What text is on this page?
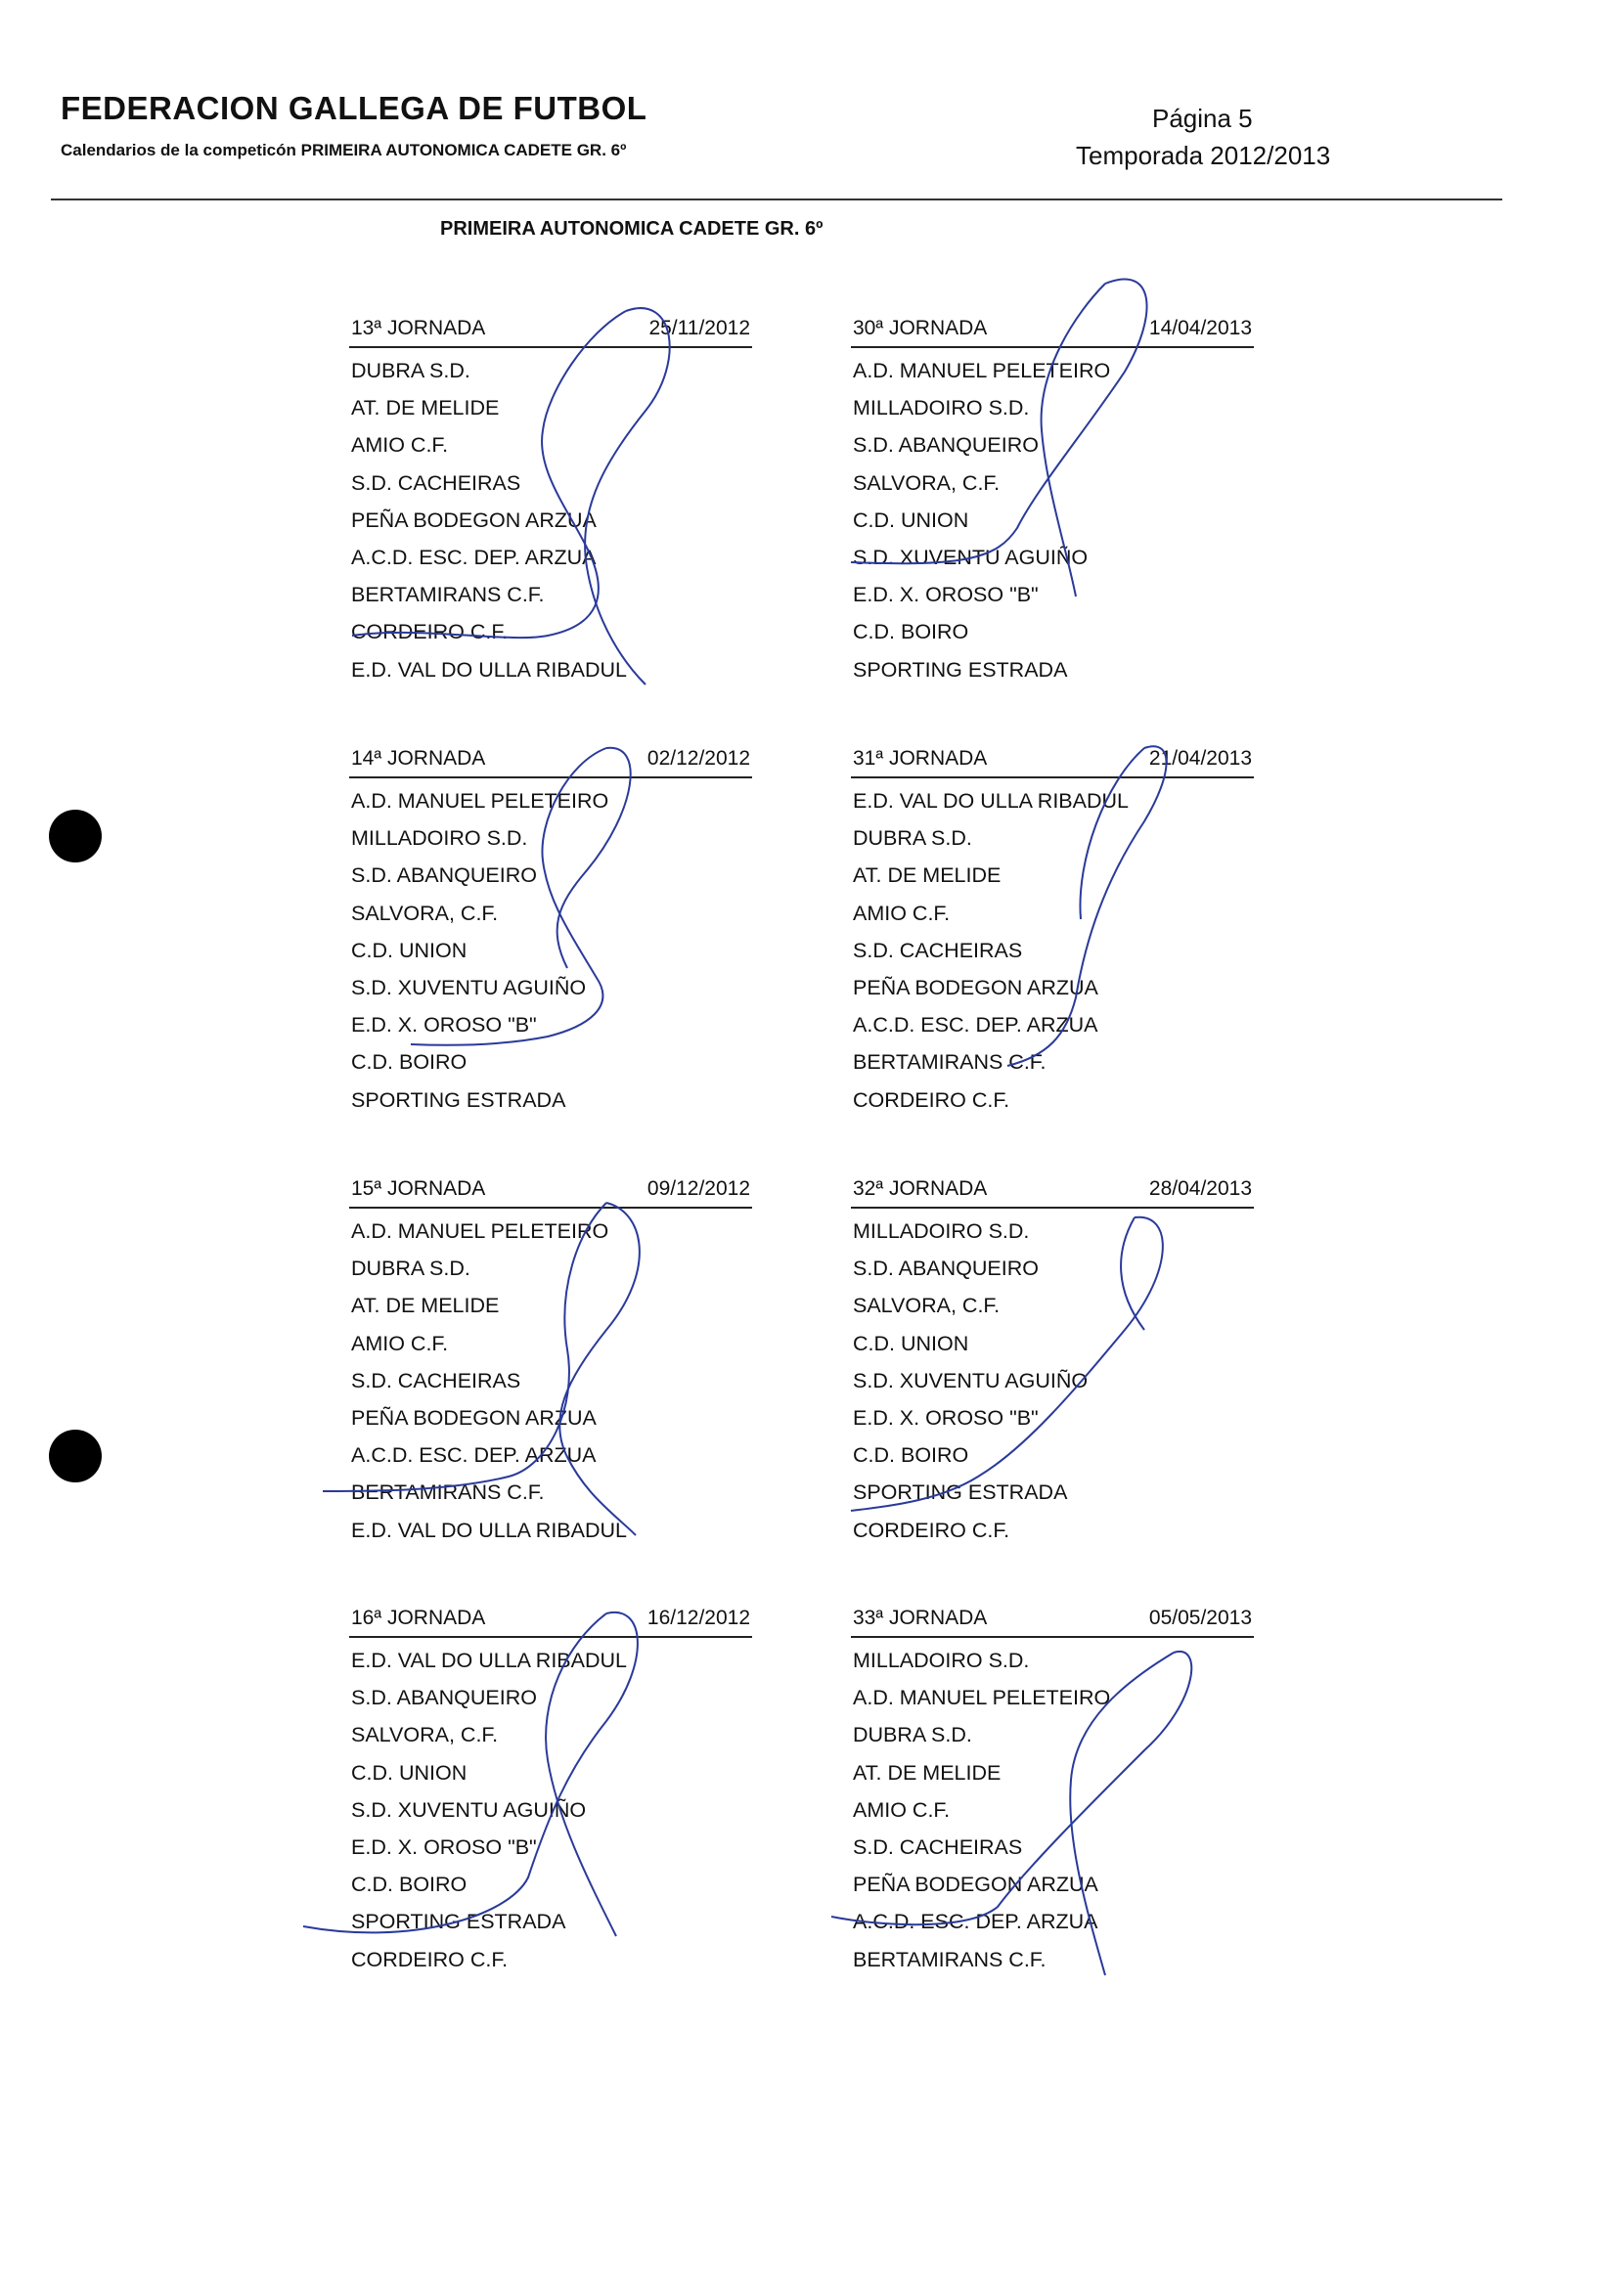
FEDERACION GALLEGA DE FUTBOL
Calendarios de la competicón PRIMEIRA AUTONOMICA CADETE GR. 6º
Página 5
Temporada 2012/2013
PRIMEIRA AUTONOMICA CADETE GR. 6º
13ª JORNADA	25/11/2012
DUBRA S.D.
AT. DE MELIDE
AMIO C.F.
S.D. CACHEIRAS
PEÑA BODEGON ARZUA
A.C.D. ESC. DEP. ARZUA
BERTAMIRANS C.F.
CORDEIRO C.F.
E.D. VAL DO ULLA RIBADUL
30ª JORNADA	14/04/2013
A.D. MANUEL PELETEIRO
MILLADOIRO S.D.
S.D. ABANQUEIRO
SALVORA, C.F.
C.D. UNION
S.D. XUVENTU AGUIÑO
E.D. X. OROSO "B"
C.D. BOIRO
SPORTING ESTRADA
14ª JORNADA	02/12/2012
A.D. MANUEL PELETEIRO
MILLADOIRO S.D.
S.D. ABANQUEIRO
SALVORA, C.F.
C.D. UNION
S.D. XUVENTU AGUIÑO
E.D. X. OROSO "B"
C.D. BOIRO
SPORTING ESTRADA
31ª JORNADA	21/04/2013
E.D. VAL DO ULLA RIBADUL
DUBRA S.D.
AT. DE MELIDE
AMIO C.F.
S.D. CACHEIRAS
PEÑA BODEGON ARZUA
A.C.D. ESC. DEP. ARZUA
BERTAMIRANS C.F.
CORDEIRO C.F.
15ª JORNADA	09/12/2012
A.D. MANUEL PELETEIRO
DUBRA S.D.
AT. DE MELIDE
AMIO C.F.
S.D. CACHEIRAS
PEÑA BODEGON ARZUA
A.C.D. ESC. DEP. ARZUA
BERTAMIRANS C.F.
E.D. VAL DO ULLA RIBADUL
32ª JORNADA	28/04/2013
MILLADOIRO S.D.
S.D. ABANQUEIRO
SALVORA, C.F.
C.D. UNION
S.D. XUVENTU AGUIÑO
E.D. X. OROSO "B"
C.D. BOIRO
SPORTING ESTRADA
CORDEIRO C.F.
16ª JORNADA	16/12/2012
E.D. VAL DO ULLA RIBADUL
S.D. ABANQUEIRO
SALVORA, C.F.
C.D. UNION
S.D. XUVENTU AGUIÑO
E.D. X. OROSO "B"
C.D. BOIRO
SPORTING ESTRADA
CORDEIRO C.F.
33ª JORNADA	05/05/2013
MILLADOIRO S.D.
A.D. MANUEL PELETEIRO
DUBRA S.D.
AT. DE MELIDE
AMIO C.F.
S.D. CACHEIRAS
PEÑA BODEGON ARZUA
A.C.D. ESC. DEP. ARZUA
BERTAMIRANS C.F.
